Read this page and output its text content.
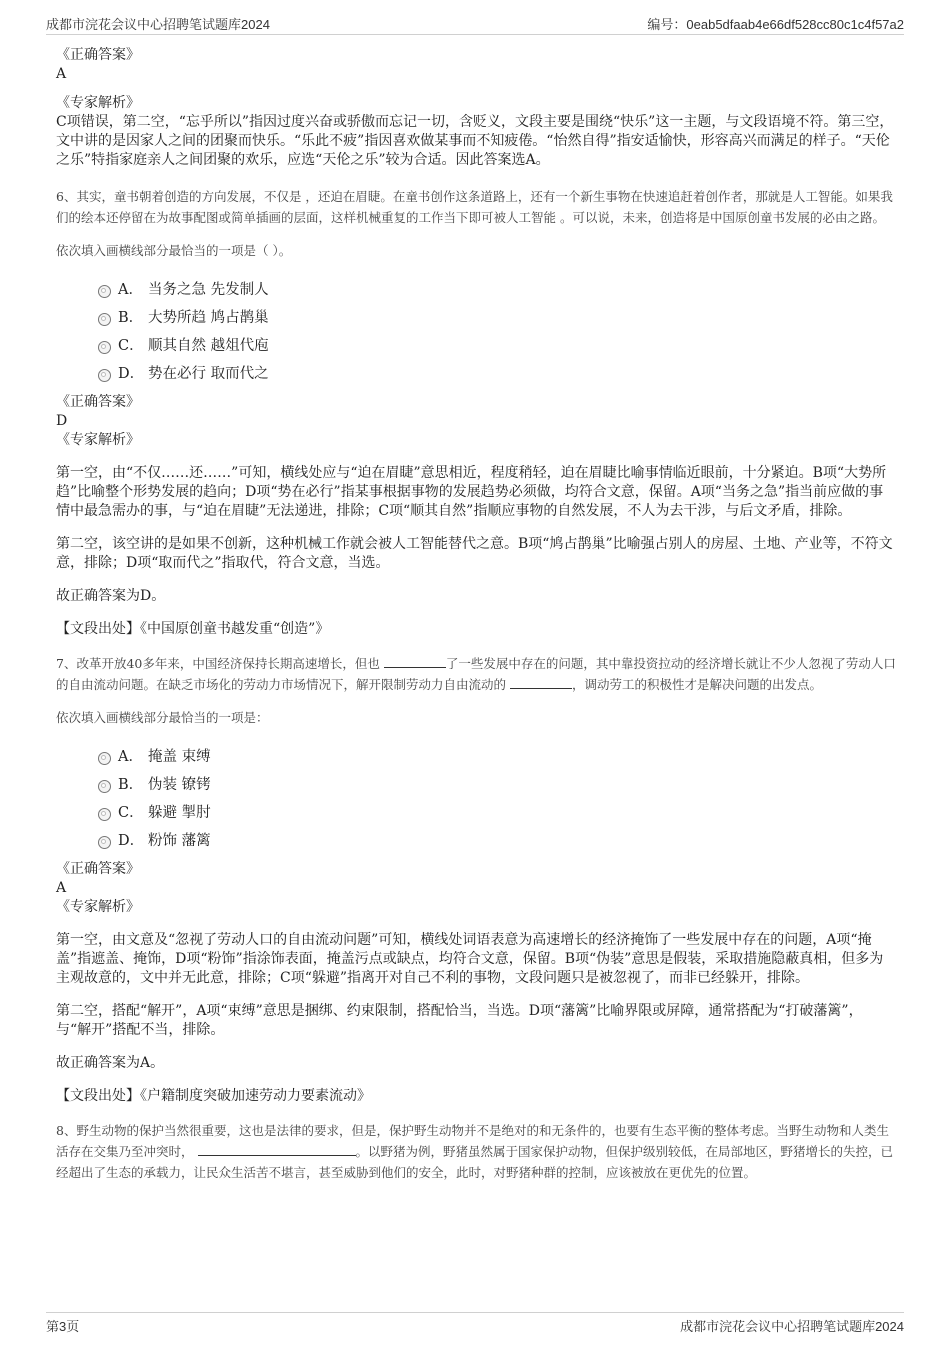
成都市浣花会议中心招聘笔试题库2024	编号：0eab5dfaab4e66df528cc80c1c4f57a2

《正确答案》

A

《专家解析》

C项错误，第二空，“忘乎所以”指因过度兴奋或骄傲而忘记一切，含贬义，文段主要是围绕“快乐”这一主题，与文段语境不符。第三空，文中讲的是因家人之间的团聚而快乐。“乐此不疲”指因喜欢做某事而不知疲倦。“怡然自得”指安适愉快，形容高兴而满足的样子。“天伦之乐”特指家庭亲人之间团聚的欢乐，应选“天伦之乐”较为合适。因此答案选A。

6、其实，童书朝着创造的方向发展，不仅是 ，还迫在眉睫。在童书创作这条道路上，还有一个新生事物在快速追赶着创作者，那就是人工智能。如果我们的绘本还停留在为故事配图或简单插画的层面，这样机械重复的工作当下即可被人工智能 。可以说，未来，创造将是中国原创童书发展的必由之路。

依次填入画横线部分最恰当的一项是（ ）。

A． 当务之急 先发制人
B． 大势所趋 鸠占鹊巢
C． 顺其自然 越俎代庖
D． 势在必行 取而代之

《正确答案》

D

《专家解析》

第一空，由“不仅……还……”可知，横线处应与“迫在眉睫”意思相近，程度稍轻，迫在眉睫比喻事情临近眼前，十分紧迫。B项“大势所趋”比喻整个形势发展的趋向；D项“势在必行”指某事根据事物的发展趋势必须做，均符合文意，保留。A项“当务之急”指当前应做的事情中最急需办的事，与“迫在眉睫”无法递进，排除；C项“顺其自然”指顺应事物的自然发展，不人为去干涉，与后文矛盾，排除。

第二空，该空讲的是如果不创新，这种机械工作就会被人工智能替代之意。B项“鸠占鹊巢”比喻强占别人的房屋、土地、产业等，不符文意，排除；D项“取而代之”指取代，符合文意，当选。

故正确答案为D。

【文段出处】《中国原创童书越发重“创造”》

7、改革开放40多年来，中国经济保持长期高速增长，但也	了一些发展中存在的问题，其中靠投资拉动的经济增长就让不少人忽视了劳动人口的自由流动问题。在缺乏市场化的劳动力市场情况下，解开限制劳动力自由流动的	，调动劳工的积极性才是解决问题的出发点。

依次填入画横线部分最恰当的一项是：

A． 掩盖 束缚
B． 伪装 镣铐
C． 躲避 掣肘
D． 粉饰 藩篱

《正确答案》

A

《专家解析》

第一空，由文意及“忽视了劳动人口的自由流动问题”可知，横线处词语表意为高速增长的经济掩饰了一些发展中存在的问题，A项“掩盖”指遮盖、掩饰，D项“粉饰”指涂饰表面，掩盖污点或缺点，均符合文意，保留。B项“伪装”意思是假装，采取措施隐蔽真相，但多为主观故意的，文中并无此意，排除；C项“躲避”指离开对自己不利的事物，文段问题只是被忽视了，而非已经躲开，排除。

第二空，搭配“解开”，A项“束缚”意思是捆绑、约束限制，搭配恰当，当选。D项“藩篱”比喻界限或屏障，通常搭配为“打破藩篱”，与“解开”搭配不当，排除。

故正确答案为A。

【文段出处】《户籍制度突破加速劳动力要素流动》

8、野生动物的保护当然很重要，这也是法律的要求，但是，保护野生动物并不是绝对的和无条件的，也要有生态平衡的整体考虑。当野生动物和人类生活存在交集乃至冲突时，	。以野猪为例，野猪虽然属于国家保护动物，但保护级别较低，在局部地区，野猪增长的失控，已经超出了生态的承载力，让民众生活苦不堪言，甚至威胁到他们的安全，此时，对野猪种群的控制，应该被放在更优先的位置。

第3页	成都市浣花会议中心招聘笔试题库2024
